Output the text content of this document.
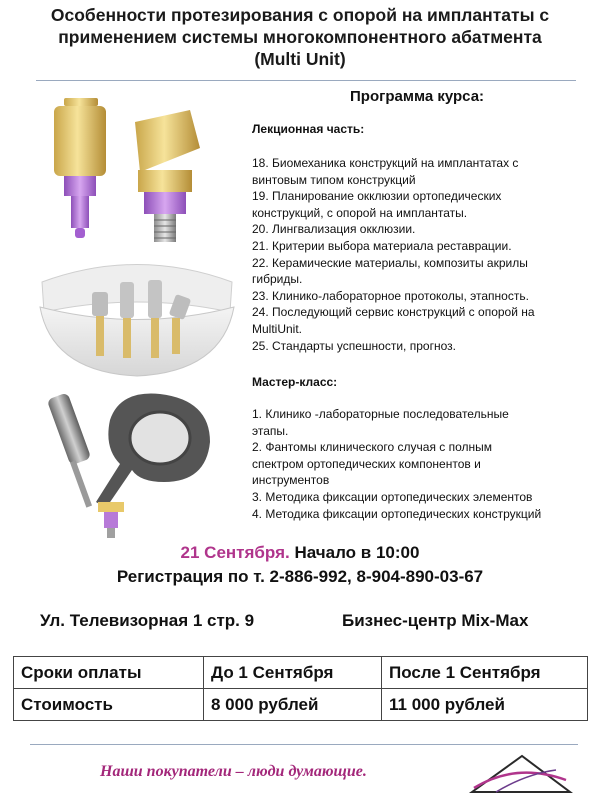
Особенности протезирования с опорой на имплантаты с
применением системы многокомпонентного абатмента
(Multi Unit)
Программа курса:
Лекционная часть:
18. Биомеханика конструкций на имплантатах с
винтовым типом конструкций
19. Планирование окклюзии ортопедических
конструкций, с опорой на имплантаты.
20. Лингвализация окклюзии.
21. Критерии выбора материала реставрации.
22. Керамические материалы, композиты акрилы
гибриды.
23. Клинико-лабораторное протоколы, этапность.
24. Последующий сервис конструкций с опорой на
MultiUnit.
25. Стандарты успешности, прогноз.
Мастер-класс:
1. Клинико -лабораторные последовательные
этапы.
2. Фантомы клинического случая с полным
спектром ортопедических компонентов и
инструментов
3. Методика фиксации ортопедических элементов
4. Методика фиксации ортопедических конструкций
21 Сентября. Начало в 10:00
Регистрация по т. 2-886-992, 8-904-890-03-67
Ул. Телевизорная 1 стр. 9	Бизнес-центр Mix-Max
Сроки оплаты	До 1 Сентября	После 1 Сентября
Стоимость	8 000 рублей	11 000 рублей
Наши покупатели – люди думающие.
